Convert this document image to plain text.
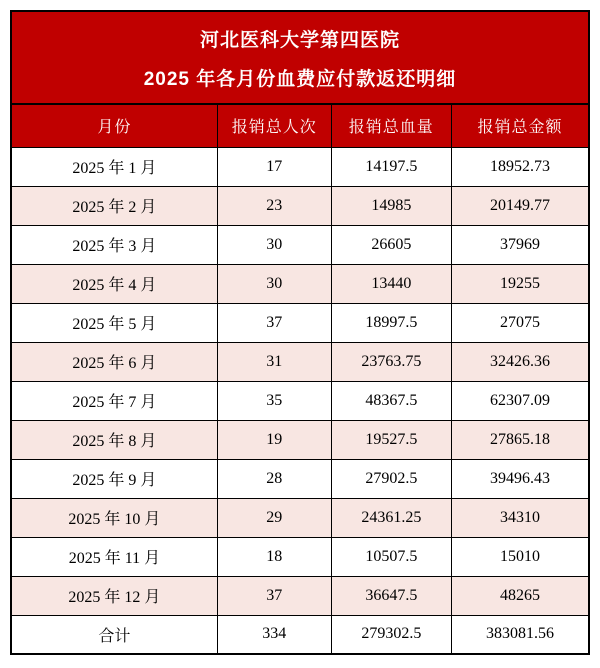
河北医科大学第四医院
2025 年各月份血费应付款返还明细			

月份	报销总人次	报销总血量	报销总金额
2025 年 1 月	17	14197.5	18952.73
2025 年 2 月	23	14985	20149.77
2025 年 3 月	30	26605	37969
2025 年 4 月	30	13440	19255
2025 年 5 月	37	18997.5	27075
2025 年 6 月	31	23763.75	32426.36
2025 年 7 月	35	48367.5	62307.09
2025 年 8 月	19	19527.5	27865.18
2025 年 9 月	28	27902.5	39496.43
2025 年 10 月	29	24361.25	34310
2025 年 11 月	18	10507.5	15010
2025 年 12 月	37	36647.5	48265
合计	334	279302.5	383081.56
